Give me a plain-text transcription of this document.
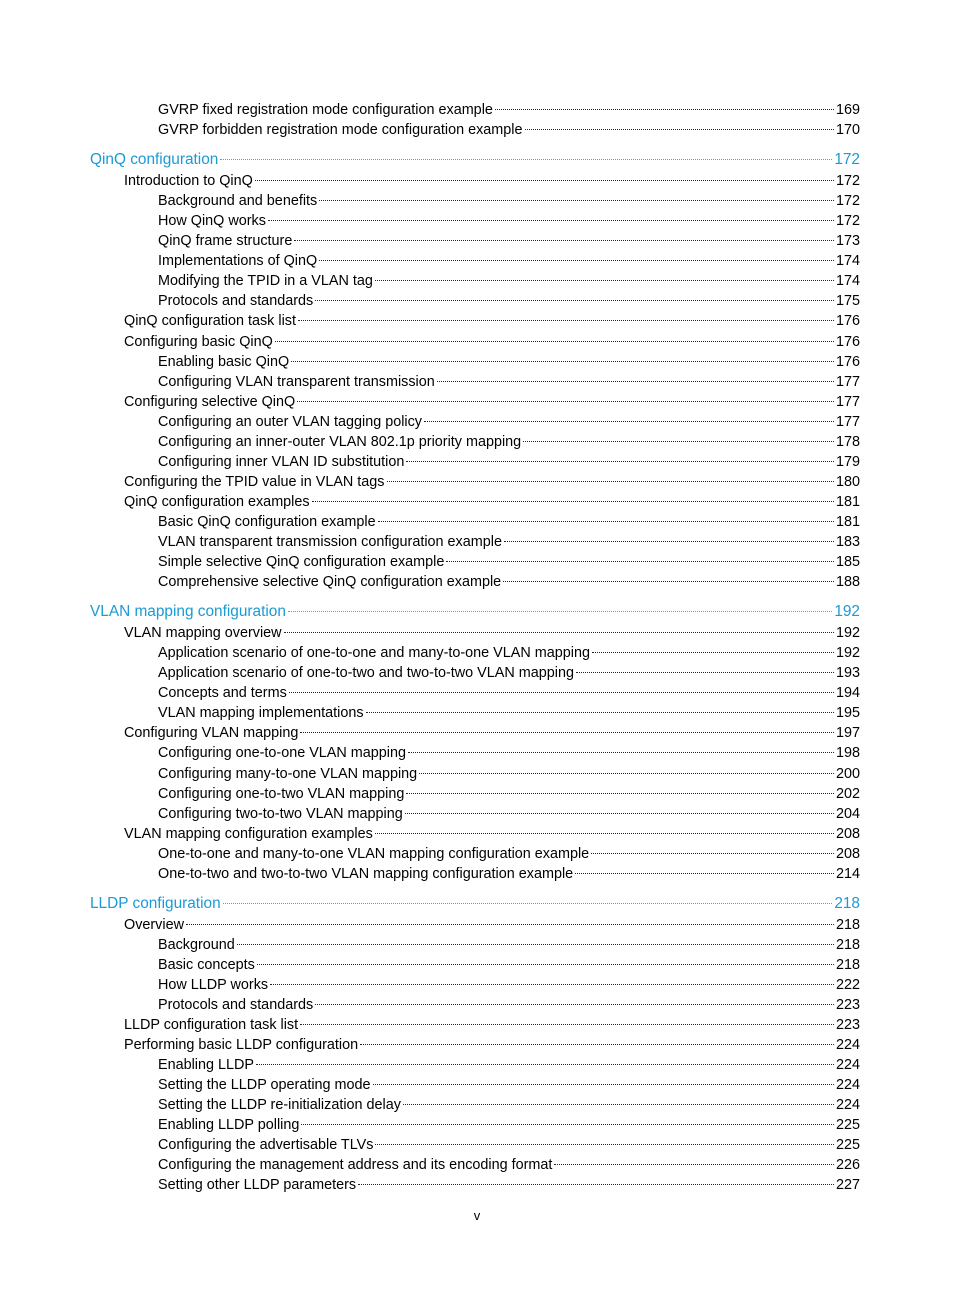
GVRP fixed registration mode configuration example	169
GVRP forbidden registration mode configuration example	170
QinQ configuration	172
Introduction to QinQ	172
Background and benefits	172
How QinQ works	172
QinQ frame structure	173
Implementations of QinQ	174
Modifying the TPID in a VLAN tag	174
Protocols and standards	175
QinQ configuration task list	176
Configuring basic QinQ	176
Enabling basic QinQ	176
Configuring VLAN transparent transmission	177
Configuring selective QinQ	177
Configuring an outer VLAN tagging policy	177
Configuring an inner-outer VLAN 802.1p priority mapping	178
Configuring inner VLAN ID substitution	179
Configuring the TPID value in VLAN tags	180
QinQ configuration examples	181
Basic QinQ configuration example	181
VLAN transparent transmission configuration example	183
Simple selective QinQ configuration example	185
Comprehensive selective QinQ configuration example	188
VLAN mapping configuration	192
VLAN mapping overview	192
Application scenario of one-to-one and many-to-one VLAN mapping	192
Application scenario of one-to-two and two-to-two VLAN mapping	193
Concepts and terms	194
VLAN mapping implementations	195
Configuring VLAN mapping	197
Configuring one-to-one VLAN mapping	198
Configuring many-to-one VLAN mapping	200
Configuring one-to-two VLAN mapping	202
Configuring two-to-two VLAN mapping	204
VLAN mapping configuration examples	208
One-to-one and many-to-one VLAN mapping configuration example	208
One-to-two and two-to-two VLAN mapping configuration example	214
LLDP configuration	218
Overview	218
Background	218
Basic concepts	218
How LLDP works	222
Protocols and standards	223
LLDP configuration task list	223
Performing basic LLDP configuration	224
Enabling LLDP	224
Setting the LLDP operating mode	224
Setting the LLDP re-initialization delay	224
Enabling LLDP polling	225
Configuring the advertisable TLVs	225
Configuring the management address and its encoding format	226
Setting other LLDP parameters	227
v
